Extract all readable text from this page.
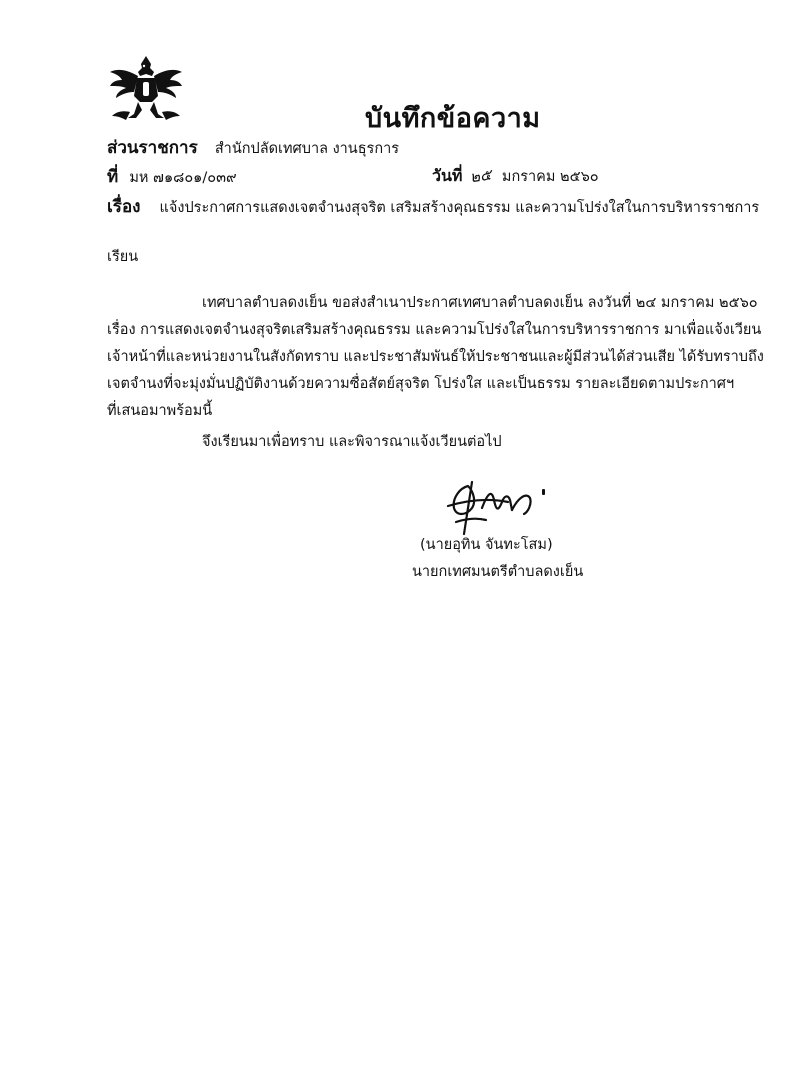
บันทึกข้อความ
ส่วนราชการ สำนักปลัดเทศบาล งานธุรการ
ที่ มห ๗๑๘๐๑/๐๓๙	วันที่ ๒๕ มกราคม ๒๕๖๐
เรื่อง แจ้งประกาศการแสดงเจตจำนงสุจริต เสริมสร้างคุณธรรม และความโปร่งใสในการบริหารราชการ
เรียน

เทศบาลตำบลดงเย็น ขอส่งสำเนาประกาศเทศบาลตำบลดงเย็น ลงวันที่ ๒๔ มกราคม ๒๕๖๐
เรื่อง การแสดงเจตจำนงสุจริตเสริมสร้างคุณธรรม และความโปร่งใสในการบริหารราชการ มาเพื่อแจ้งเวียน
เจ้าหน้าที่และหน่วยงานในสังกัดทราบ และประชาสัมพันธ์ให้ประชาชนและผู้มีส่วนได้ส่วนเสีย ได้รับทราบถึง
เจตจำนงที่จะมุ่งมั่นปฏิบัติงานด้วยความซื่อสัตย์สุจริต โปร่งใส และเป็นธรรม รายละเอียดตามประกาศฯ
ที่เสนอมาพร้อมนี้

จึงเรียนมาเพื่อทราบ และพิจารณาแจ้งเวียนต่อไป
(นายอุทิน จันทะโสม)
นายกเทศมนตรีตำบลดงเย็น
